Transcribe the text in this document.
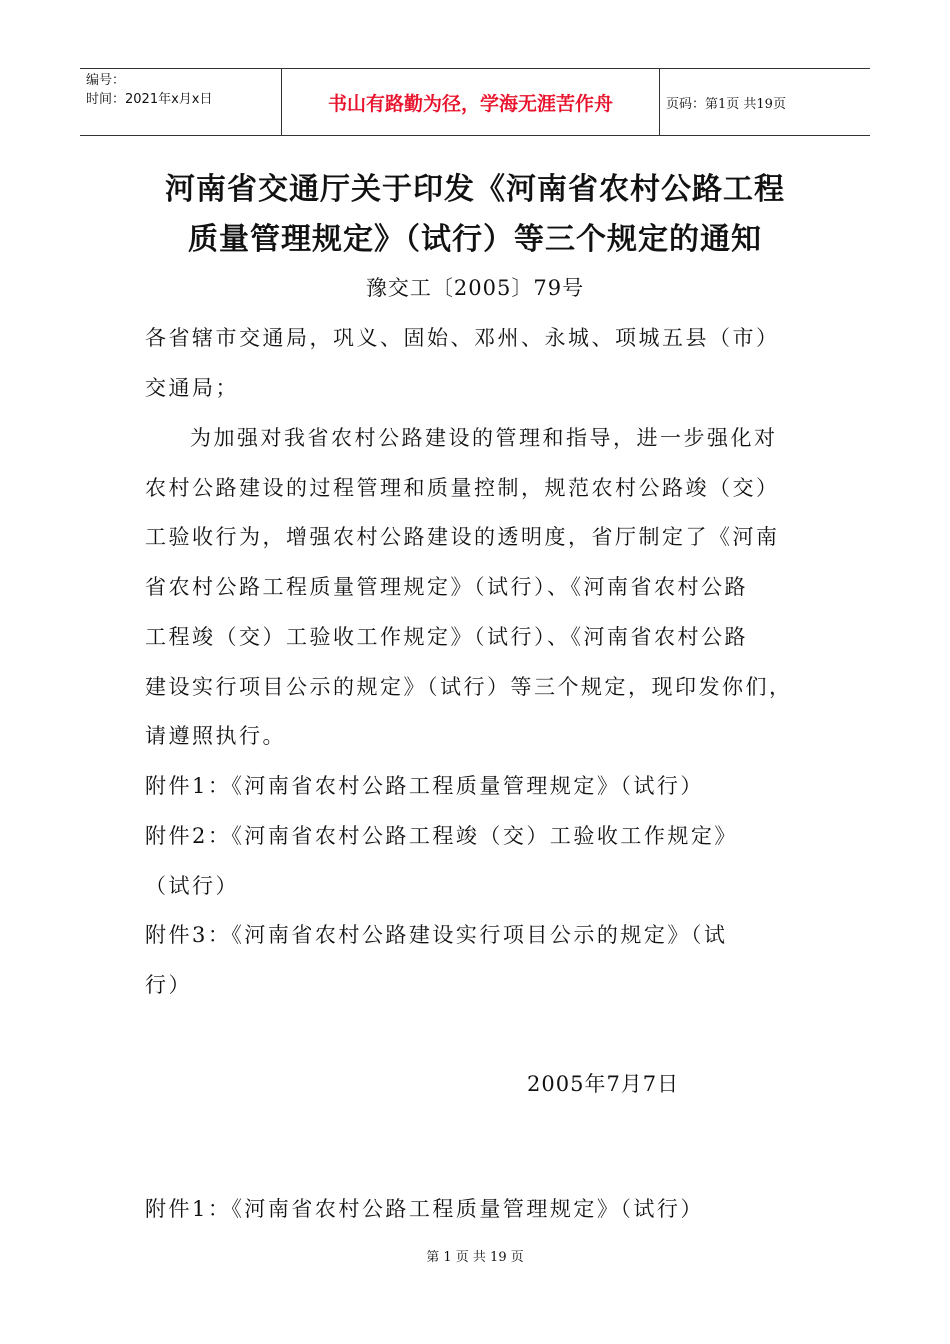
编号：
时间：2021年x月x日	书山有路勤为径，学海无涯苦作舟	页码：第1页 共19页
河南省交通厅关于印发《河南省农村公路工程
质量管理规定》（试行）等三个规定的通知
豫交工〔2005〕79号
各省辖市交通局，巩义、固始、邓州、永城、项城五县（市）
交通局；
为加强对我省农村公路建设的管理和指导，进一步强化对
农村公路建设的过程管理和质量控制，规范农村公路竣（交）
工验收行为，增强农村公路建设的透明度，省厅制定了《河南
省农村公路工程质量管理规定》（试行）、《河南省农村公路
工程竣（交）工验收工作规定》（试行）、《河南省农村公路
建设实行项目公示的规定》（试行）等三个规定，现印发你们，
请遵照执行。
附件1：《河南省农村公路工程质量管理规定》（试行）
附件2：《河南省农村公路工程竣（交）工验收工作规定》
（试行）
附件3：《河南省农村公路建设实行项目公示的规定》（试
行）
2005年7月7日
附件1：《河南省农村公路工程质量管理规定》（试行）
第 1 页 共 19 页
